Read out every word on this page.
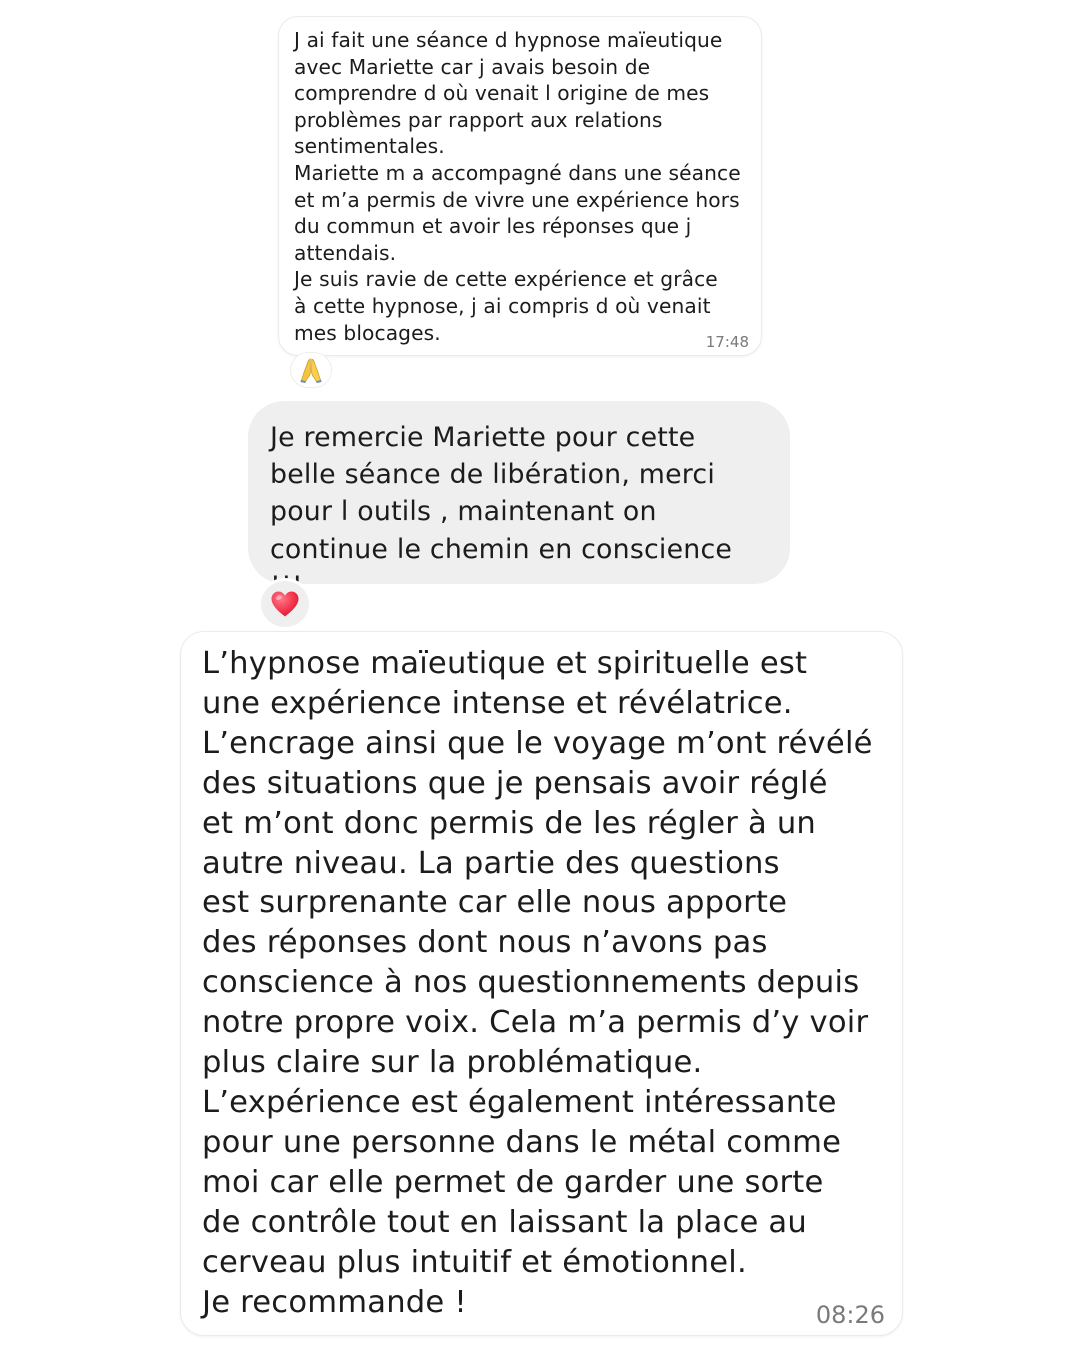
J ai fait une séance d hypnose maïeutique
avec Mariette car j avais besoin de
comprendre d où venait l origine de mes
problèmes par rapport aux relations
sentimentales.
Mariette m a accompagné dans une séance
et m’a permis de vivre une expérience hors
du commun et avoir les réponses que j
attendais.
Je suis ravie de cette expérience et grâce
à cette hypnose, j ai compris d où venait
mes blocages.	17:48
Je remercie Mariette pour cette
belle séance de libération, merci
pour l outils , maintenant on
continue le chemin en conscience
L’hypnose maïeutique et spirituelle est
une expérience intense et révélatrice.
L’encrage ainsi que le voyage m’ont révélé
des situations que je pensais avoir réglé
et m’ont donc permis de les régler à un
autre niveau. La partie des questions
est surprenante car elle nous apporte
des réponses dont nous n’avons pas
conscience à nos questionnements depuis
notre propre voix. Cela m’a permis d’y voir
plus claire sur la problématique.
L’expérience est également intéressante
pour une personne dans le métal comme
moi car elle permet de garder une sorte
de contrôle tout en laissant la place au
cerveau plus intuitif et émotionnel.
Je recommande !	08:26
